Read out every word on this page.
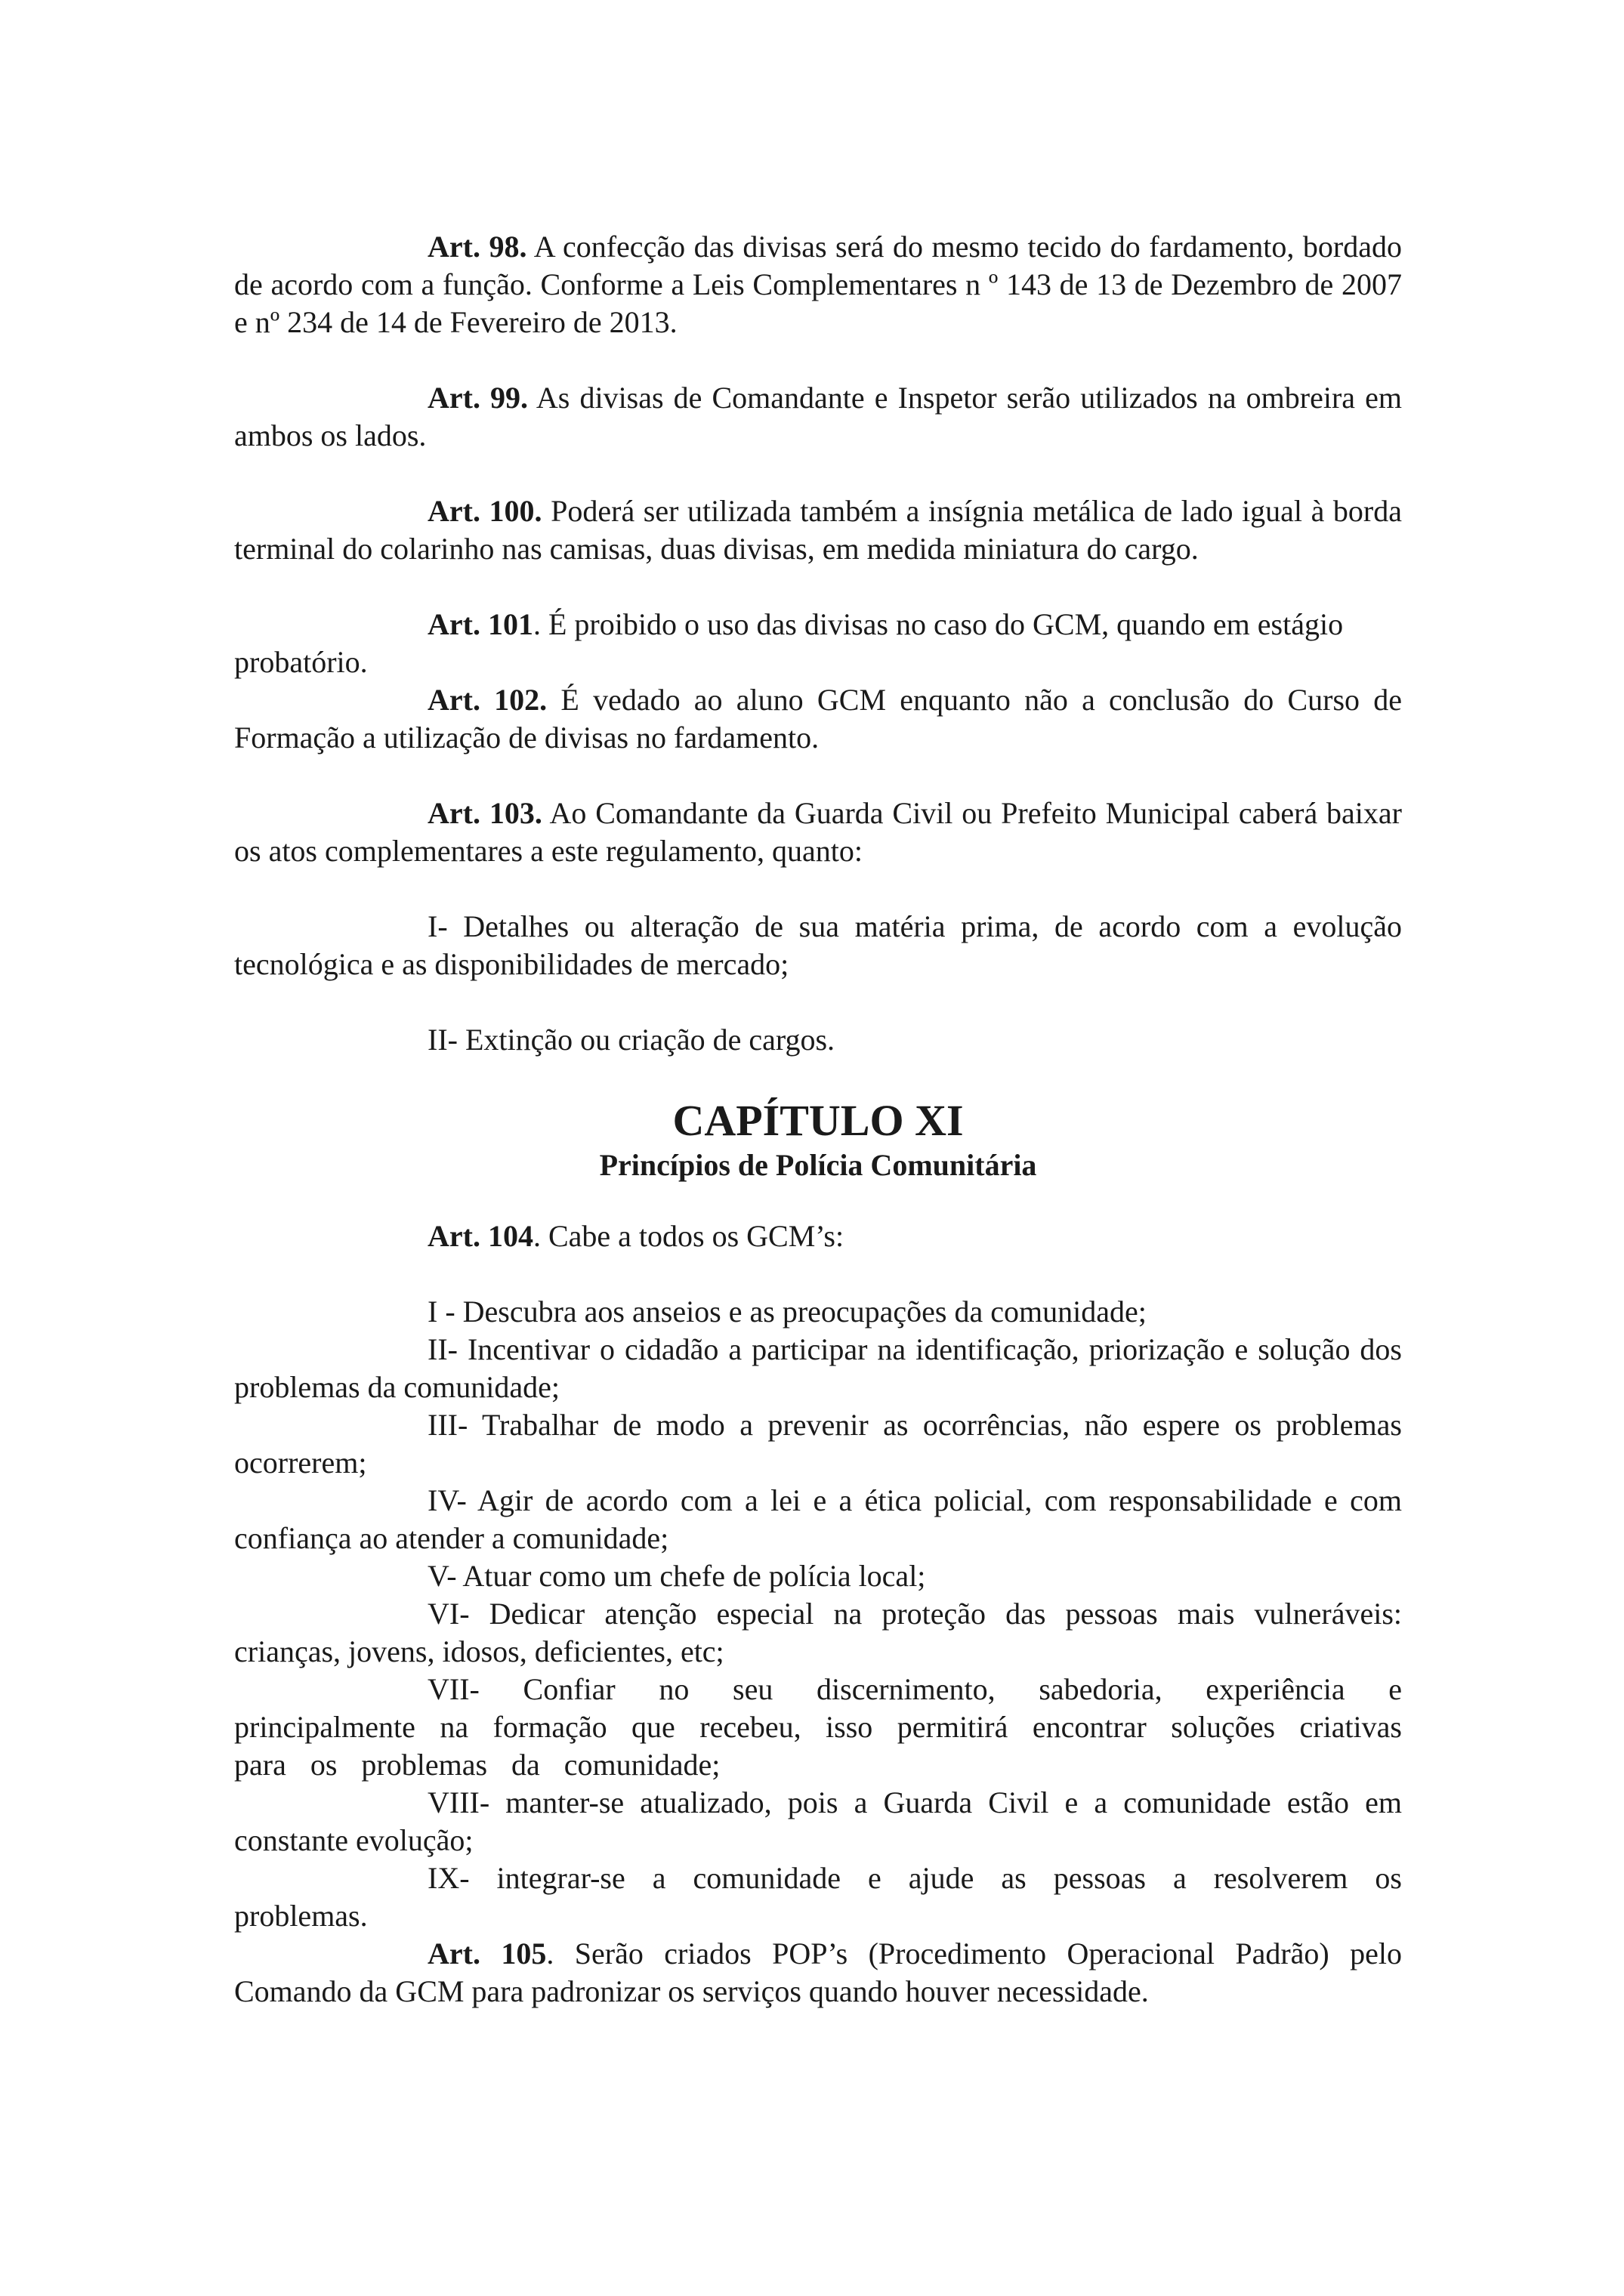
Art. 98. A confecção das divisas será do mesmo tecido do fardamento, bordado de acordo com a função. Conforme a Leis Complementares n º 143 de 13 de Dezembro de 2007 e nº 234 de 14 de Fevereiro de 2013.

Art. 99. As divisas de Comandante e Inspetor serão utilizados na ombreira em ambos os lados.

Art. 100. Poderá ser utilizada também a insígnia metálica de lado igual à borda terminal do colarinho nas camisas, duas divisas, em medida miniatura do cargo.

Art. 101. É proibido o uso das divisas no caso do GCM, quando em estágio probatório.

Art. 102. É vedado ao aluno GCM enquanto não a conclusão do Curso de Formação a utilização de divisas no fardamento.

Art. 103. Ao Comandante da Guarda Civil ou Prefeito Municipal caberá baixar os atos complementares a este regulamento, quanto:

I- Detalhes ou alteração de sua matéria prima, de acordo com a evolução tecnológica e as disponibilidades de mercado;

II- Extinção ou criação de cargos.

CAPÍTULO XI
Princípios de Polícia Comunitária

Art. 104. Cabe a todos os GCM’s:

I - Descubra aos anseios e as preocupações da comunidade;

II- Incentivar o cidadão a participar na identificação, priorização e solução dos problemas da comunidade;

III- Trabalhar de modo a prevenir as ocorrências, não espere os problemas ocorrerem;

IV- Agir de acordo com a lei e a ética policial, com responsabilidade e com confiança ao atender a comunidade;

V- Atuar como um chefe de polícia local;

VI- Dedicar atenção especial na proteção das pessoas mais vulneráveis: crianças, jovens, idosos, deficientes, etc;

VII- Confiar no seu discernimento, sabedoria, experiência e principalmente na formação que recebeu, isso permitirá encontrar soluções criativas para os problemas da comunidade;

VIII- manter-se atualizado, pois a Guarda Civil e a comunidade estão em constante evolução;

IX- integrar-se a comunidade e ajude as pessoas a resolverem os problemas.

Art. 105. Serão criados POP’s (Procedimento Operacional Padrão) pelo Comando da GCM para padronizar os serviços quando houver necessidade.
